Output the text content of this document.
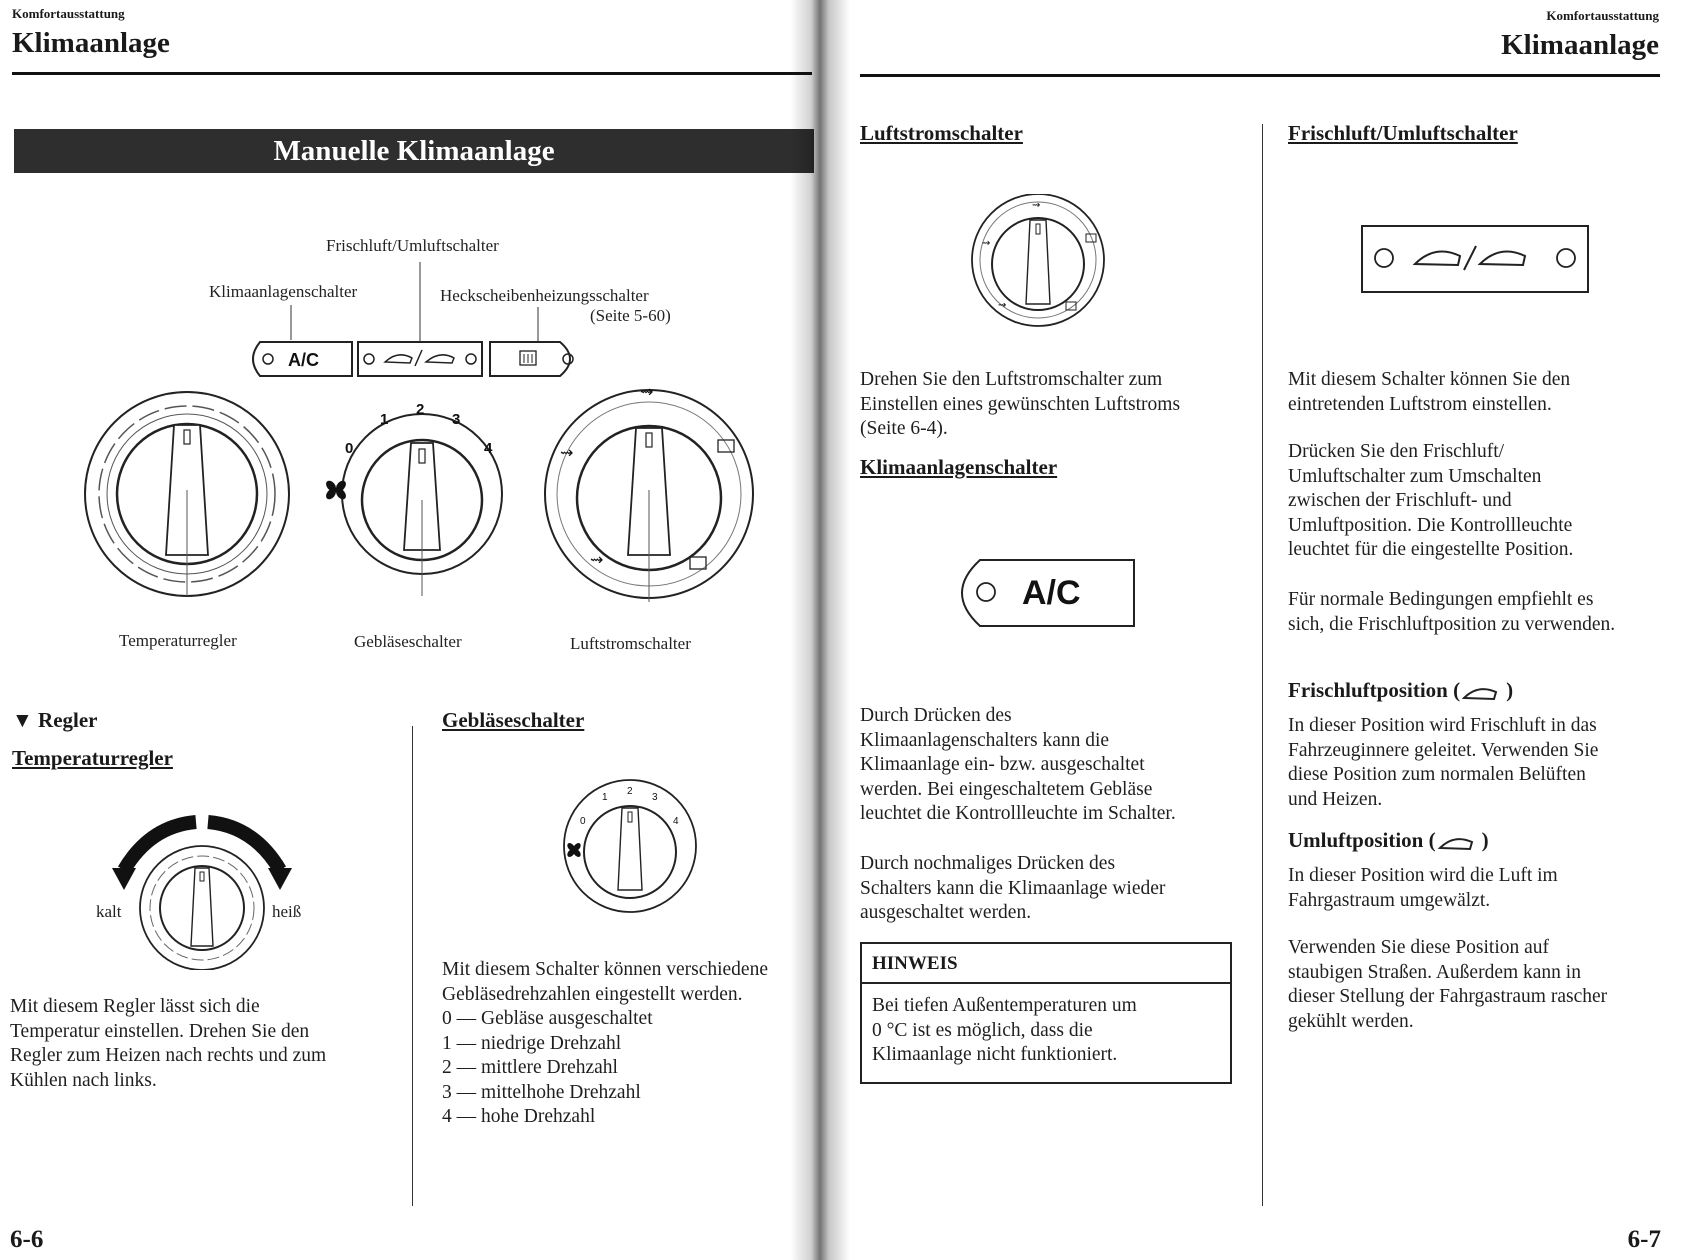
Komfortausstattung
Klimaanlage
Manuelle Klimaanlage
Frischluft/Umluftschalter
Klimaanlagenschalter	Heckscheibenheizungsschalter
(Seite 5-60)
A/C
0
1
2
3
4
⇝
⇝
⇝
Temperaturregler	Gebläseschalter	Luftstromschalter
▼ Regler
Temperaturregler
kalt	heiß
Mit diesem Regler lässt sich die
Temperatur einstellen. Drehen Sie den
Regler zum Heizen nach rechts und zum
Kühlen nach links.
Gebläseschalter
0
1
2
3
4
Mit diesem Schalter können verschiedene
Gebläsedrehzahlen eingestellt werden.
0 — Gebläse ausgeschaltet
1 — niedrige Drehzahl
2 — mittlere Drehzahl
3 — mittelhohe Drehzahl
4 — hohe Drehzahl
6-6
Komfortausstattung
Klimaanlage
Luftstromschalter
⇝
⇝
⇝
Drehen Sie den Luftstromschalter zum
Einstellen eines gewünschten Luftstroms
(Seite 6-4).
Klimaanlagenschalter
A/C
Durch Drücken des
Klimaanlagenschalters kann die
Klimaanlage ein- bzw. ausgeschaltet
werden. Bei eingeschaltetem Gebläse
leuchtet die Kontrollleuchte im Schalter.
Durch nochmaliges Drücken des
Schalters kann die Klimaanlage wieder
ausgeschaltet werden.
HINWEIS
Bei tiefen Außentemperaturen um
0 °C ist es möglich, dass die
Klimaanlage nicht funktioniert.
Frischluft/Umluftschalter
Mit diesem Schalter können Sie den
eintretenden Luftstrom einstellen.
Drücken Sie den Frischluft/
Umluftschalter zum Umschalten
zwischen der Frischluft- und
Umluftposition. Die Kontrollleuchte
leuchtet für die eingestellte Position.
Für normale Bedingungen empfiehlt es
sich, die Frischluftposition zu verwenden.
Frischluftposition ( )
In dieser Position wird Frischluft in das
Fahrzeuginnere geleitet. Verwenden Sie
diese Position zum normalen Belüften
und Heizen.
Umluftposition ( )
In dieser Position wird die Luft im
Fahrgastraum umgewälzt.
Verwenden Sie diese Position auf
staubigen Straßen. Außerdem kann in
dieser Stellung der Fahrgastraum rascher
gekühlt werden.
6-7
